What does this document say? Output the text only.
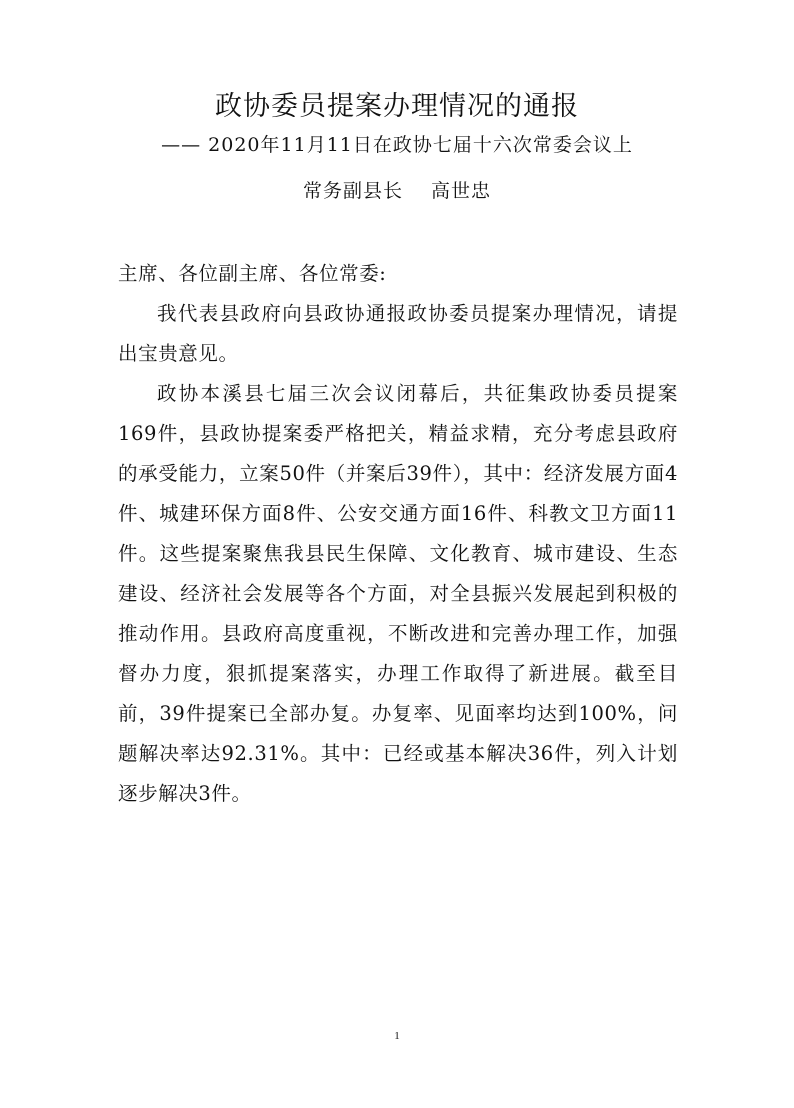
政协委员提案办理情况的通报
—— 2020年11月11日在政协七届十六次常委会议上
常务副县长 高世忠

主席、各位副主席、各位常委:

我代表县政府向县政协通报政协委员提案办理情况，请提出宝贵意见。

政协本溪县七届三次会议闭幕后，共征集政协委员提案169件，县政协提案委严格把关，精益求精，充分考虑县政府的承受能力，立案50件（并案后39件），其中：经济发展方面4件、城建环保方面8件、公安交通方面16件、科教文卫方面11件。这些提案聚焦我县民生保障、文化教育、城市建设、生态建设、经济社会发展等各个方面，对全县振兴发展起到积极的推动作用。县政府高度重视，不断改进和完善办理工作，加强督办力度，狠抓提案落实，办理工作取得了新进展。截至目前，39件提案已全部办复。办复率、见面率均达到100%，问题解决率达92.31%。其中：已经或基本解决36件，列入计划逐步解决3件。

1
